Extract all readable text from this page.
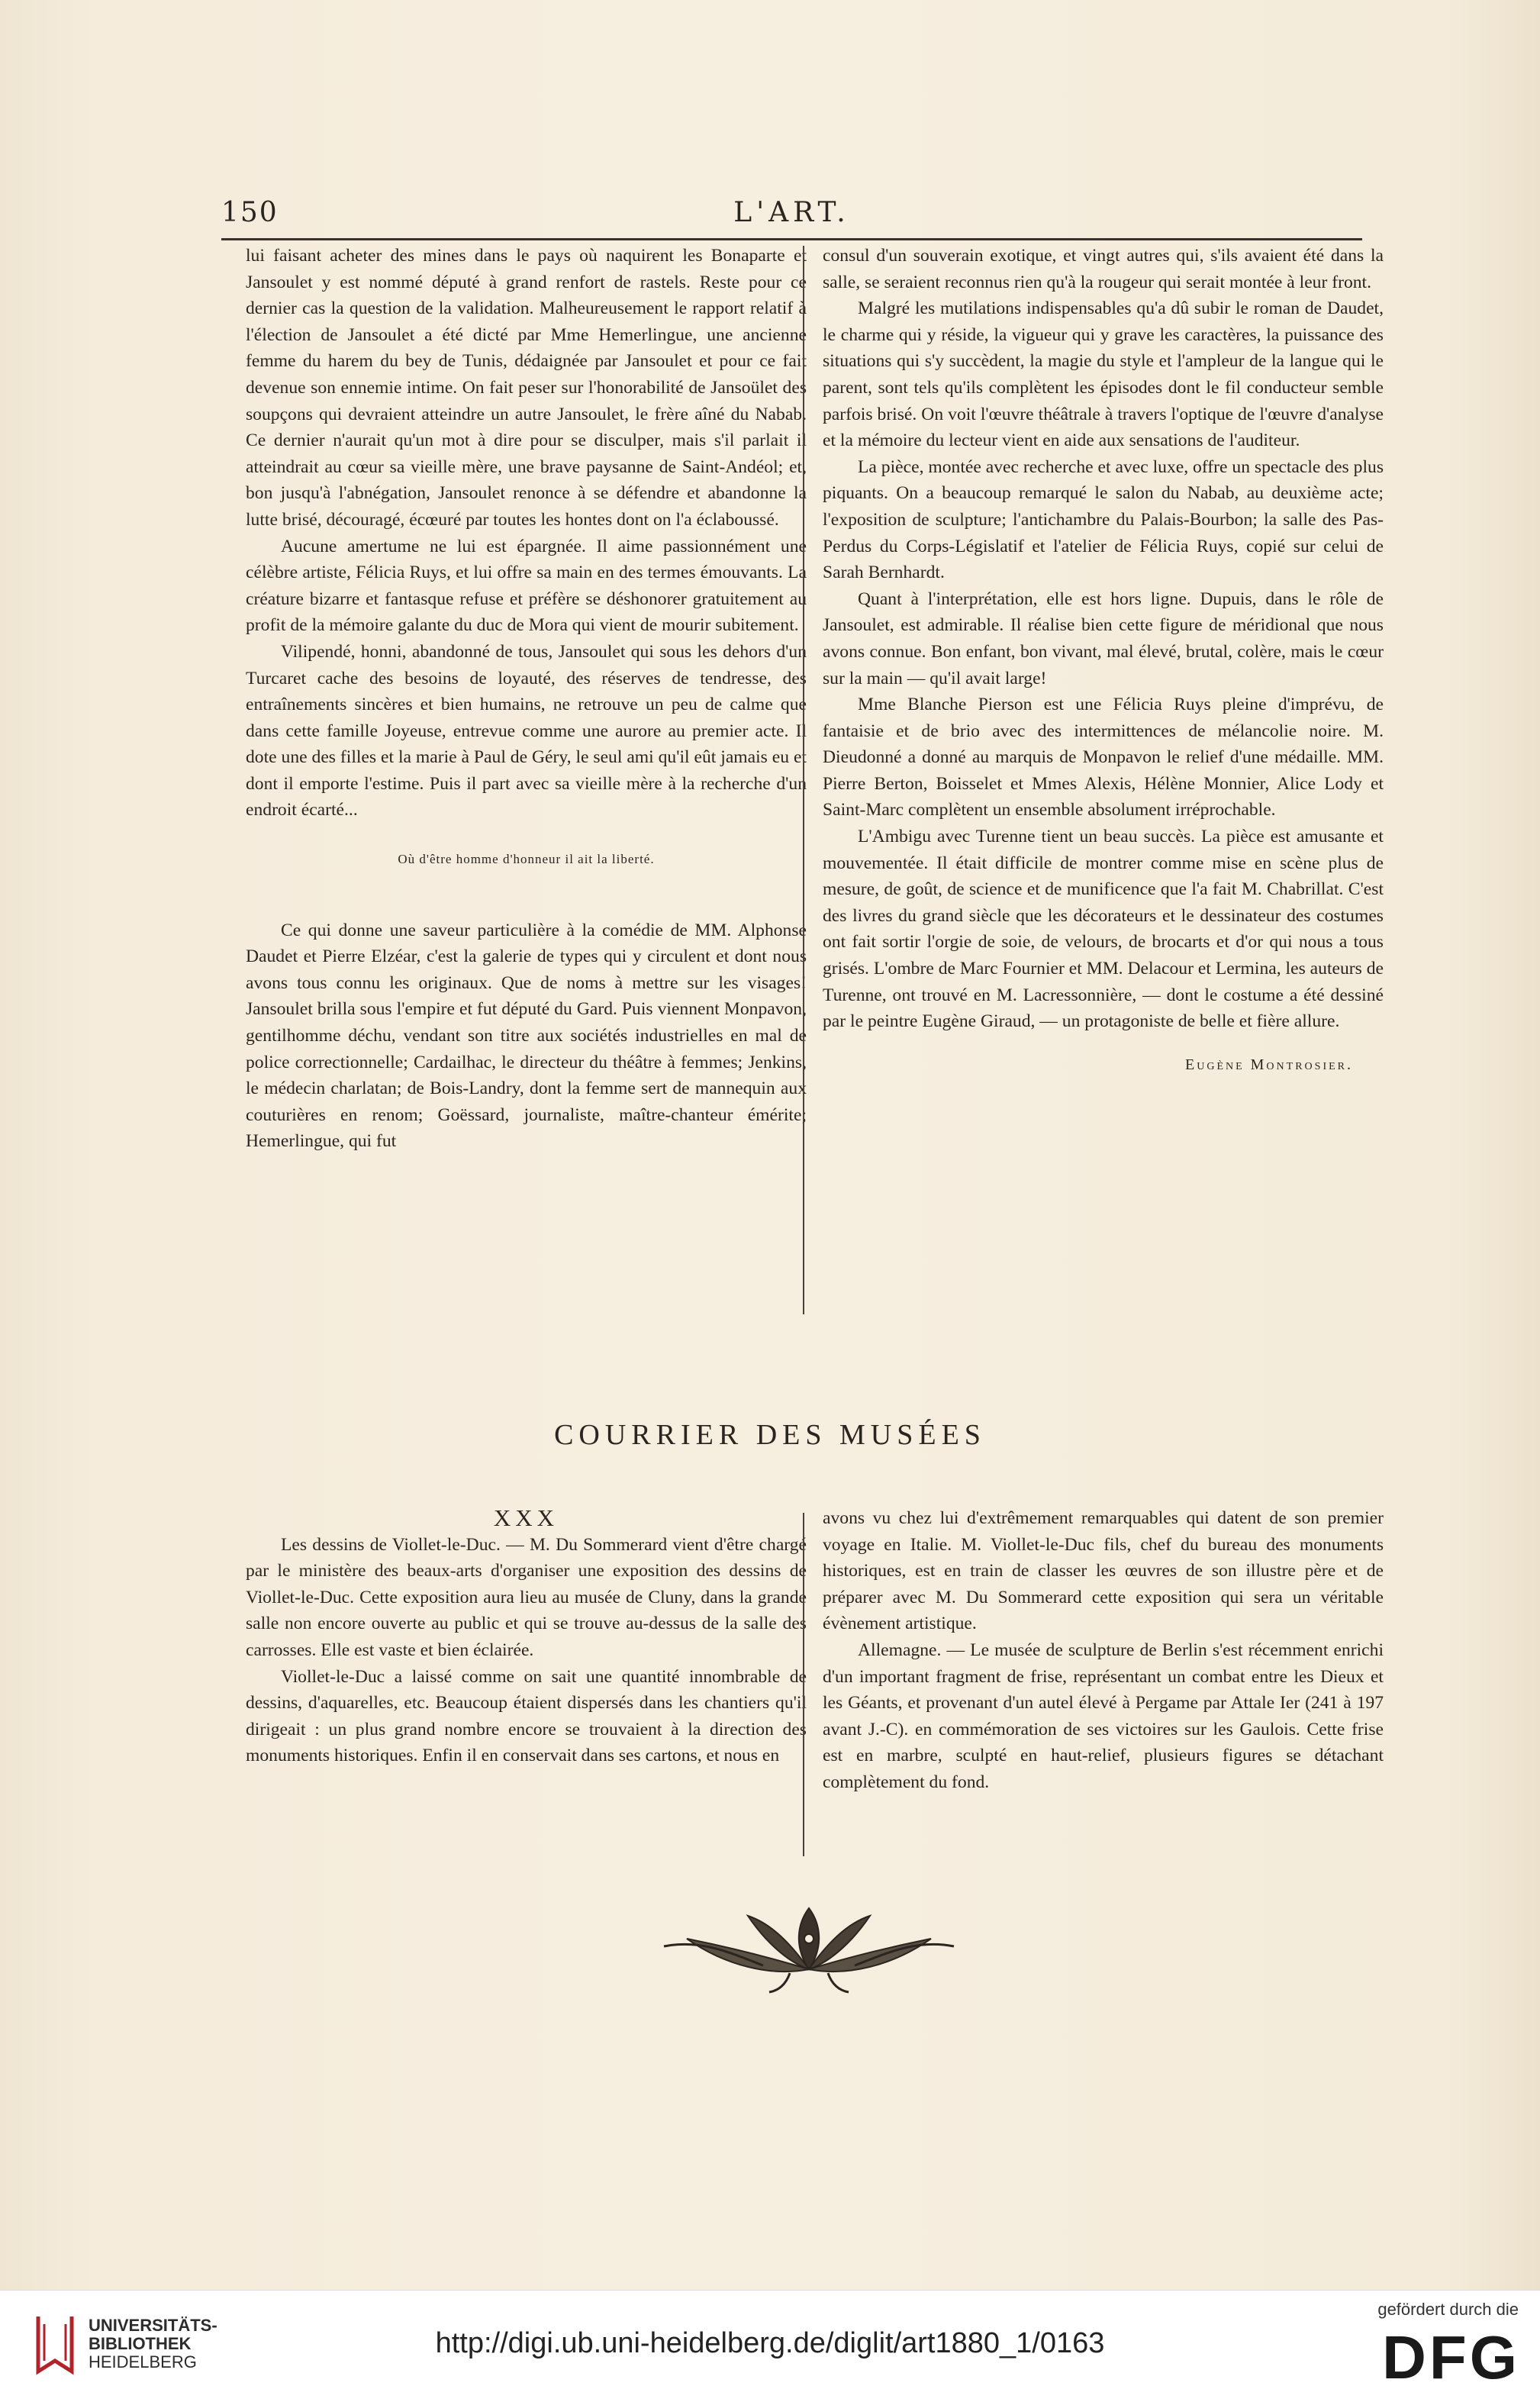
150	L'ART.

lui faisant acheter des mines dans le pays où naquirent les Bonaparte et Jansoulet y est nommé député à grand renfort de rastels. Reste pour ce dernier cas la question de la validation. Malheureusement le rapport relatif à l'élection de Jansoulet a été dicté par Mme Hemerlingue, une ancienne femme du harem du bey de Tunis, dédaignée par Jansoulet et pour ce fait devenue son ennemie intime. On fait peser sur l'honorabilité de Jansoület des soupçons qui devraient atteindre un autre Jansoulet, le frère aîné du Nabab. Ce dernier n'aurait qu'un mot à dire pour se disculper, mais s'il parlait il atteindrait au cœur sa vieille mère, une brave paysanne de Saint-Andéol; et, bon jusqu'à l'abnégation, Jansoulet renonce à se défendre et abandonne la lutte brisé, découragé, écœuré par toutes les hontes dont on l'a éclaboussé.

Aucune amertume ne lui est épargnée. Il aime passionnément une célèbre artiste, Félicia Ruys, et lui offre sa main en des termes émouvants. La créature bizarre et fantasque refuse et préfère se déshonorer gratuitement au profit de la mémoire galante du duc de Mora qui vient de mourir subitement.

Vilipendé, honni, abandonné de tous, Jansoulet qui sous les dehors d'un Turcaret cache des besoins de loyauté, des réserves de tendresse, des entraînements sincères et bien humains, ne retrouve un peu de calme que dans cette famille Joyeuse, entrevue comme une aurore au premier acte. Il dote une des filles et la marie à Paul de Géry, le seul ami qu'il eût jamais eu et dont il emporte l'estime. Puis il part avec sa vieille mère à la recherche d'un endroit écarté...

Où d'être homme d'honneur il ait la liberté.

Ce qui donne une saveur particulière à la comédie de MM. Alphonse Daudet et Pierre Elzéar, c'est la galerie de types qui y circulent et dont nous avons tous connu les originaux. Que de noms à mettre sur les visages! Jansoulet brilla sous l'empire et fut député du Gard. Puis viennent Monpavon, gentilhomme déchu, vendant son titre aux sociétés industrielles en mal de police correctionnelle; Cardailhac, le directeur du théâtre à femmes; Jenkins, le médecin charlatan; de Bois-Landry, dont la femme sert de mannequin aux couturières en renom; Goëssard, journaliste, maître-chanteur émérite; Hemerlingue, qui fut

consul d'un souverain exotique, et vingt autres qui, s'ils avaient été dans la salle, se seraient reconnus rien qu'à la rougeur qui serait montée à leur front.

Malgré les mutilations indispensables qu'a dû subir le roman de Daudet, le charme qui y réside, la vigueur qui y grave les caractères, la puissance des situations qui s'y succèdent, la magie du style et l'ampleur de la langue qui le parent, sont tels qu'ils complètent les épisodes dont le fil conducteur semble parfois brisé. On voit l'œuvre théâtrale à travers l'optique de l'œuvre d'analyse et la mémoire du lecteur vient en aide aux sensations de l'auditeur.

La pièce, montée avec recherche et avec luxe, offre un spectacle des plus piquants. On a beaucoup remarqué le salon du Nabab, au deuxième acte; l'exposition de sculpture; l'antichambre du Palais-Bourbon; la salle des Pas-Perdus du Corps-Législatif et l'atelier de Félicia Ruys, copié sur celui de Sarah Bernhardt.

Quant à l'interprétation, elle est hors ligne. Dupuis, dans le rôle de Jansoulet, est admirable. Il réalise bien cette figure de méridional que nous avons connue. Bon enfant, bon vivant, mal élevé, brutal, colère, mais le cœur sur la main — qu'il avait large!

Mme Blanche Pierson est une Félicia Ruys pleine d'imprévu, de fantaisie et de brio avec des intermittences de mélancolie noire. M. Dieudonné a donné au marquis de Monpavon le relief d'une médaille. MM. Pierre Berton, Boisselet et Mmes Alexis, Hélène Monnier, Alice Lody et Saint-Marc complètent un ensemble absolument irréprochable.

L'Ambigu avec Turenne tient un beau succès. La pièce est amusante et mouvementée. Il était difficile de montrer comme mise en scène plus de mesure, de goût, de science et de munificence que l'a fait M. Chabrillat. C'est des livres du grand siècle que les décorateurs et le dessinateur des costumes ont fait sortir l'orgie de soie, de velours, de brocarts et d'or qui nous a tous grisés. L'ombre de Marc Fournier et MM. Delacour et Lermina, les auteurs de Turenne, ont trouvé en M. Lacressonnière, — dont le costume a été dessiné par le peintre Eugène Giraud, — un protagoniste de belle et fière allure.

Eugène Montrosier.
COURRIER DES MUSÉES

XXX

Les dessins de Viollet-le-Duc. — M. Du Sommerard vient d'être chargé par le ministère des beaux-arts d'organiser une exposition des dessins de Viollet-le-Duc. Cette exposition aura lieu au musée de Cluny, dans la grande salle non encore ouverte au public et qui se trouve au-dessus de la salle des carrosses. Elle est vaste et bien éclairée.

Viollet-le-Duc a laissé comme on sait une quantité innombrable de dessins, d'aquarelles, etc. Beaucoup étaient dispersés dans les chantiers qu'il dirigeait : un plus grand nombre encore se trouvaient à la direction des monuments historiques. Enfin il en conservait dans ses cartons, et nous en

avons vu chez lui d'extrêmement remarquables qui datent de son premier voyage en Italie. M. Viollet-le-Duc fils, chef du bureau des monuments historiques, est en train de classer les œuvres de son illustre père et de préparer avec M. Du Sommerard cette exposition qui sera un véritable évènement artistique.

Allemagne. — Le musée de sculpture de Berlin s'est récemment enrichi d'un important fragment de frise, représentant un combat entre les Dieux et les Géants, et provenant d'un autel élevé à Pergame par Attale Ier (241 à 197 avant J.-C). en commémoration de ses victoires sur les Gaulois. Cette frise est en marbre, sculpté en haut-relief, plusieurs figures se détachant complètement du fond.

UNIVERSITÄTS-
BIBLIOTHEK
HEIDELBERG
http://digi.ub.uni-heidelberg.de/diglit/art1880_1/0163
gefördert durch die
DFG
